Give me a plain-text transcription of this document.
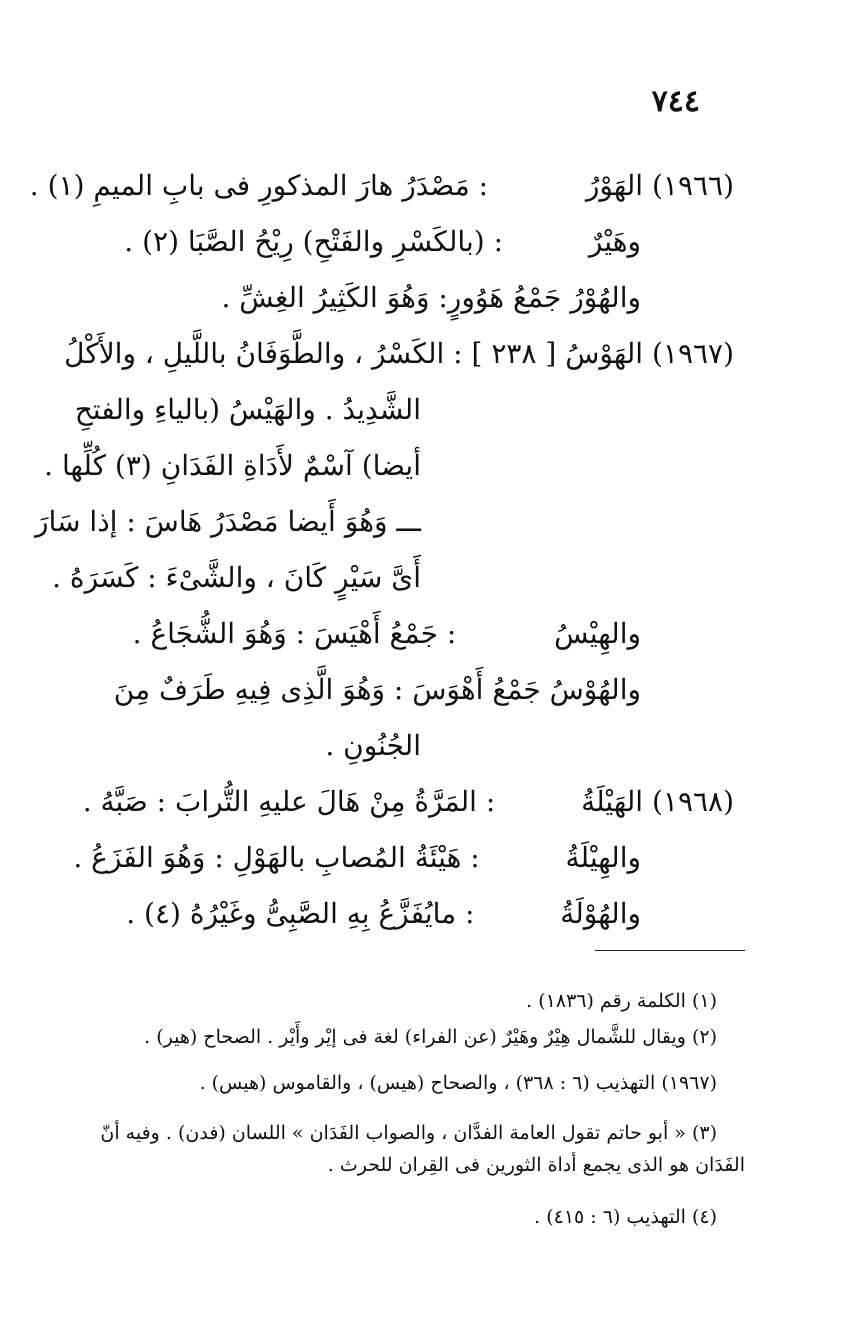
٧٤٤
(١٩٦٦) الهَوْرُ  : مَصْدَرُ هارَ المذكورِ فى بابِ الميمِ (١) .
وهَيْرٌ  : (بالكَسْرِ والفَتْحِ) رِيْحُ الصَّبَا (٢) .
والهُوْرُ جَمْعُ هَوُورٍ: وَهُوَ الكَثِيرُ الغِشِّ .
(١٩٦٧) الهَوْسُ [ ٢٣٨ ] : الكَسْرُ ، والطَّوَفَانُ باللَّيلِ ، والأَكْلُ
الشَّدِيدُ . والهَيْسُ (بالياءِ والفتحِ
أيضا) آسْمٌ لأَدَاةِ الفَدَانِ (٣) كُلِّها .
ـــ وَهُوَ أَيضا مَصْدَرُ هَاسَ : إذا سَارَ
أَىَّ سَيْرٍ كَانَ ، والشَّىْءَ : كَسَرَهُ .
والهِيْسُ  : جَمْعُ أَهْيَسَ : وَهُوَ الشُّجَاعُ .
والهُوْسُ جَمْعُ أَهْوَسَ : وَهُوَ الَّذِى فِيهِ طَرَفٌ مِنَ
الجُنُونِ .
(١٩٦٨) الهَيْلَةُ  : المَرَّةُ مِنْ هَالَ عليهِ التُّرابَ : صَبَّهُ .
والهِيْلَةُ  : هَيْئَةُ المُصابِ بالهَوْلِ : وَهُوَ الفَزَعُ .
والهُوْلَةُ  : مايُفَزَّعُ بِهِ الصَّبِىُّ وغَيْرُهُ (٤) .
(١) الكلمة رقم (١٨٣٦) .
(٢) ويقال للشَّمال هِيْرٌ وهَيْرٌ (عن الفراء) لغة فى إيْر وأَيْر . الصحاح (هير) .
(١٩٦٧) التهذيب (٦ : ٣٦٨) ، والصحاح (هيس) ، والقاموس (هيس) .
(٣) « أبو حاتم تقول العامة الفدَّان ، والصواب الفَدَان » اللسان (فدن) . وفيه أنّ
الفَدَان هو الذى يجمع أداة الثورين فى القِران للحرث .
(٤) التهذيب (٦ : ٤١٥) .
